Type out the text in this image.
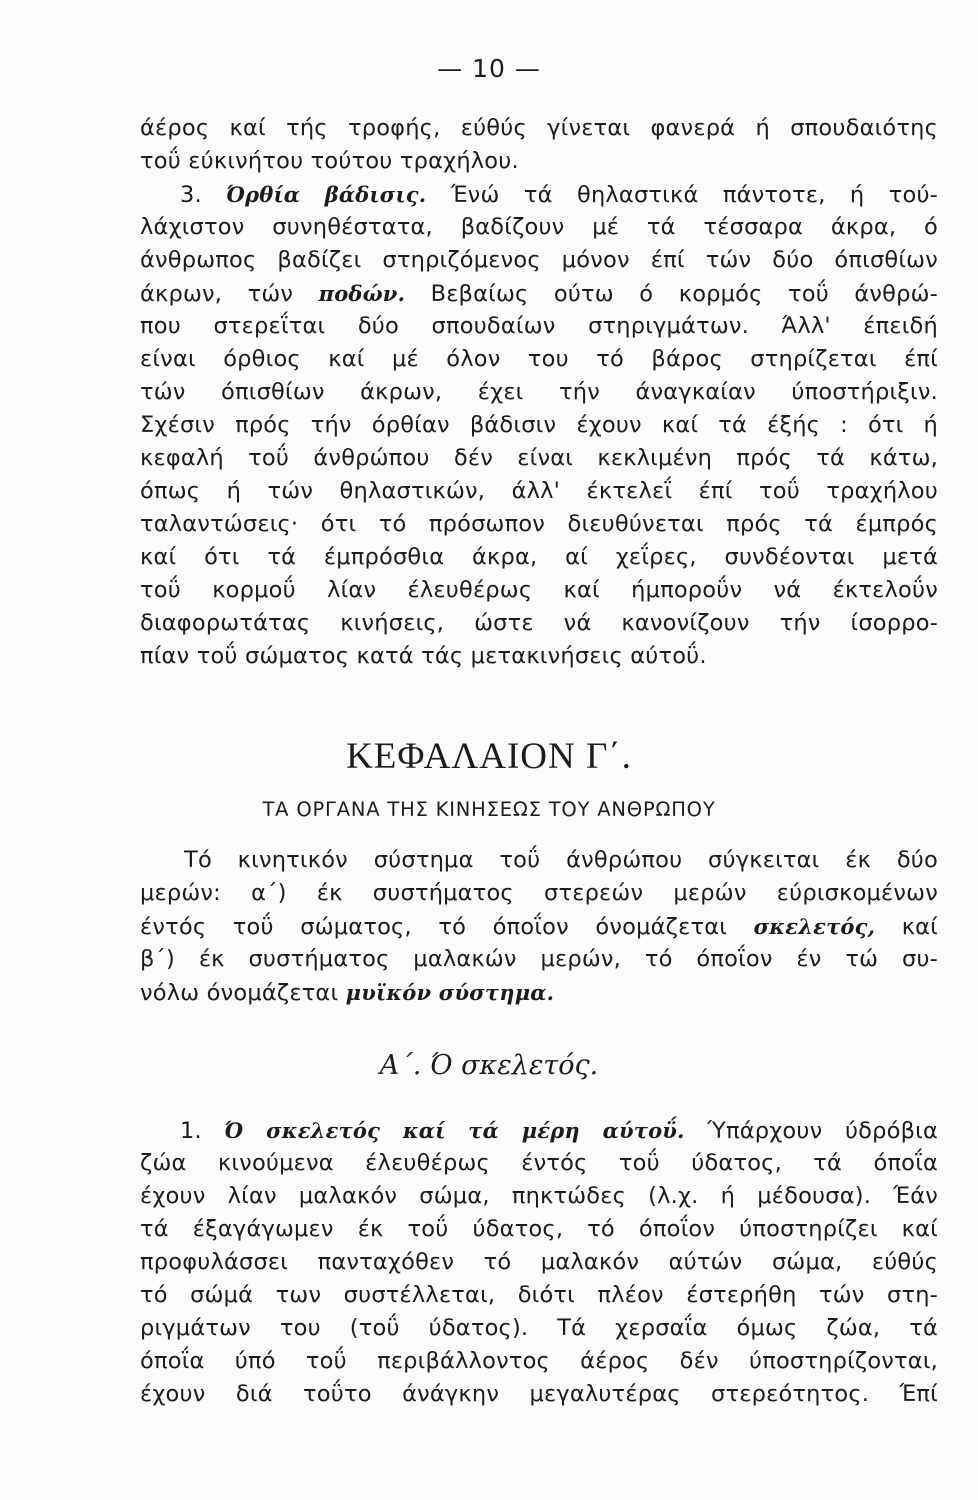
— 10 —
άέρος καί τής τροφής, εύθύς γίνεται φανερά ή σπουδαιότης
τοΰ εύκινήτου τούτου τραχήλου.
3. Όρθία βάδισις. Ένώ τά θηλαστικά πάντοτε, ή τού-
λάχιστον συνηθέστατα, βαδίζουν μέ τά τέσσαρα άκρα, ό
άνθρωπος βαδίζει στηριζόμενος μόνον έπί τών δύο όπισθίων
άκρων, τών ποδών. Βεβαίως ούτω ό κορμός τοΰ άνθρώ-
που στερεΐται δύο σπουδαίων στηριγμάτων. Άλλ' έπειδή
είναι όρθιος καί μέ όλον του τό βάρος στηρίζεται έπί
τών όπισθίων άκρων, έχει τήν άναγκαίαν ύποστήριξιν.
Σχέσιν πρός τήν όρθίαν βάδισιν έχουν καί τά έξής : ότι ή
κεφαλή τοΰ άνθρώπου δέν είναι κεκλιμένη πρός τά κάτω,
όπως ή τών θηλαστικών, άλλ' έκτελεΐ έπί τοΰ τραχήλου
ταλαντώσεις· ότι τό πρόσωπον διευθύνεται πρός τά έμπρός
καί ότι τά έμπρόσθια άκρα, αί χεΐρες, συνδέονται μετά
τοΰ κορμοΰ λίαν έλευθέρως καί ήμποροΰν νά έκτελοΰν
διαφορωτάτας κινήσεις, ώστε νά κανονίζουν τήν ίσορρο-
πίαν τοΰ σώματος κατά τάς μετακινήσεις αύτοΰ.
ΚΕΦΑΛΑΙΟΝ Γ΄.
ΤΑ ΟΡΓΑΝΑ ΤΗΣ ΚΙΝΗΣΕΩΣ ΤΟΥ ΑΝΘΡΩΠΟΥ
Τό κινητικόν σύστημα τοΰ άνθρώπου σύγκειται έκ δύο
μερών: α΄) έκ συστήματος στερεών μερών εύρισκομένων
έντός τοΰ σώματος, τό όποΐον όνομάζεται σκελετός, καί
β΄) έκ συστήματος μαλακών μερών, τό όποΐον έν τώ συ-
νόλω όνομάζεται μυϊκόν σύστημα.
Α΄. Ό σκελετός.
1. Ό σκελετός καί τά μέρη αύτοΰ. Ύπάρχουν ύδρόβια
ζώα κινούμενα έλευθέρως έντός τοΰ ύδατος, τά όποΐα
έχουν λίαν μαλακόν σώμα, πηκτώδες (λ.χ. ή μέδουσα). Έάν
τά έξαγάγωμεν έκ τοΰ ύδατος, τό όποΐον ύποστηρίζει καί
προφυλάσσει πανταχόθεν τό μαλακόν αύτών σώμα, εύθύς
τό σώμά των συστέλλεται, διότι πλέον έστερήθη τών στη-
ριγμάτων του (τοΰ ύδατος). Τά χερσαΐα όμως ζώα, τά
όποΐα ύπό τοΰ περιβάλλοντος άέρος δέν ύποστηρίζονται,
έχουν διά τοΰτο άνάγκην μεγαλυτέρας στερεότητος. Έπί
